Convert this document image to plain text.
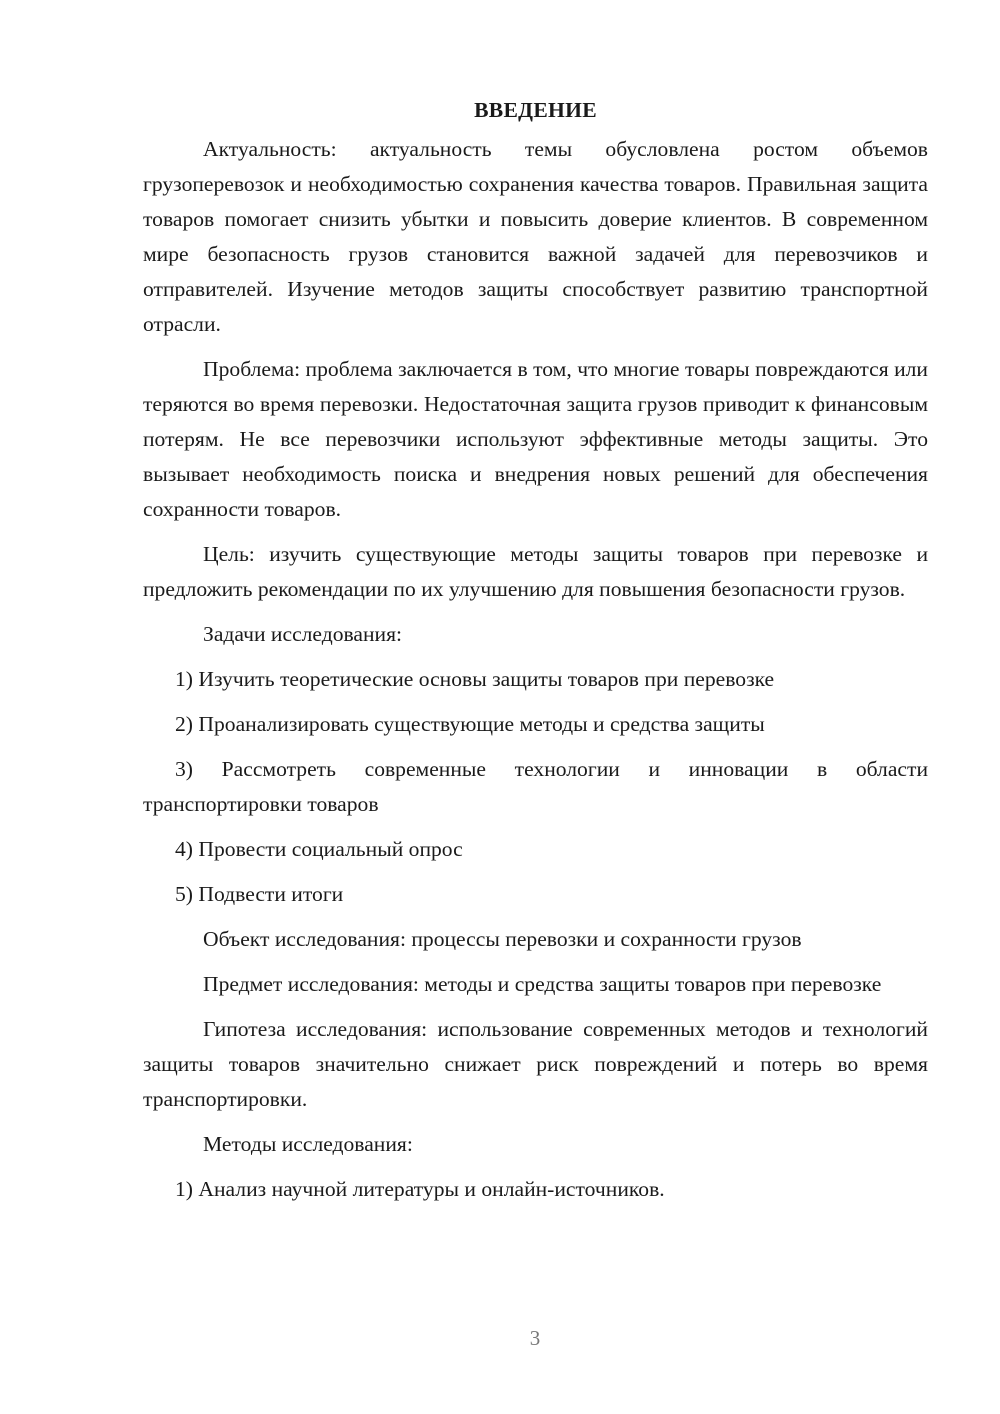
ВВЕДЕНИЕ

Актуальность: актуальность темы обусловлена ростом объемов грузоперевозок и необходимостью сохранения качества товаров. Правильная защита товаров помогает снизить убытки и повысить доверие клиентов. В современном мире безопасность грузов становится важной задачей для перевозчиков и отправителей. Изучение методов защиты способствует развитию транспортной отрасли.

Проблема: проблема заключается в том, что многие товары повреждаются или теряются во время перевозки. Недостаточная защита грузов приводит к финансовым потерям. Не все перевозчики используют эффективные методы защиты. Это вызывает необходимость поиска и внедрения новых решений для обеспечения сохранности товаров.

Цель: изучить существующие методы защиты товаров при перевозке и предложить рекомендации по их улучшению для повышения безопасности грузов.

Задачи исследования:

1) Изучить теоретические основы защиты товаров при перевозке

2) Проанализировать существующие методы и средства защиты

3) Рассмотреть современные технологии и инновации в области транспортировки товаров

4) Провести социальный опрос

5) Подвести итоги

Объект исследования: процессы перевозки и сохранности грузов

Предмет исследования: методы и средства защиты товаров при перевозке

Гипотеза исследования: использование современных методов и технологий защиты товаров значительно снижает риск повреждений и потерь во время транспортировки.

Методы исследования:

1) Анализ научной литературы и онлайн-источников.

3
